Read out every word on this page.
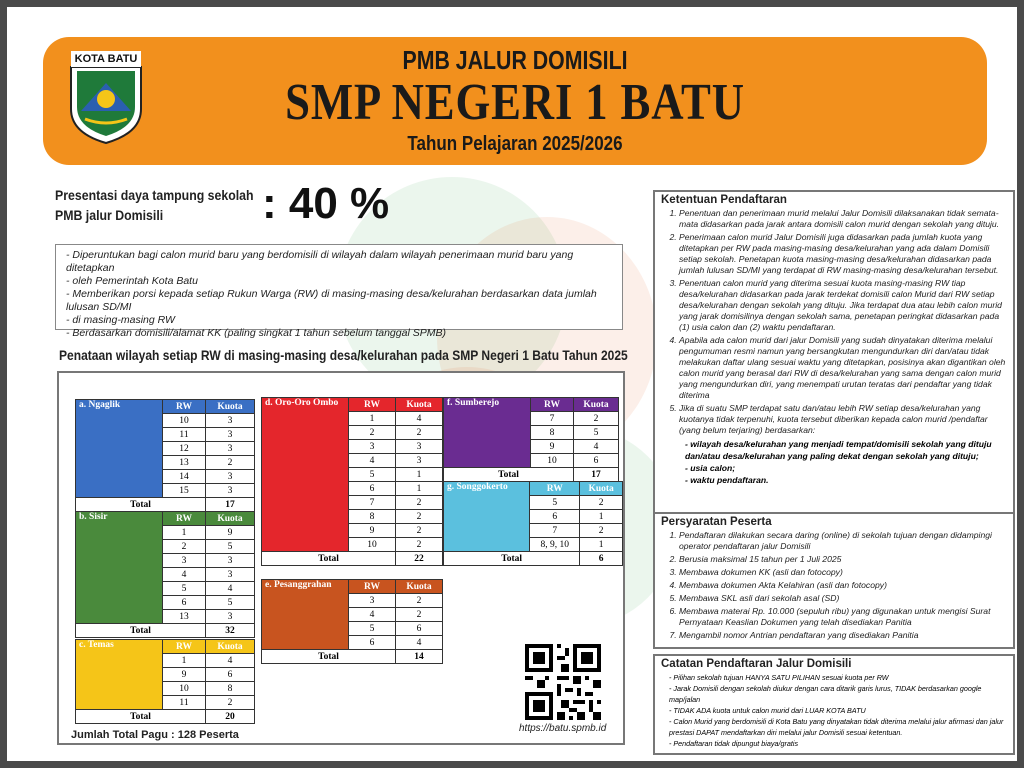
KOTA BATU	PMB JALUR DOMISILI
SMP NEGERI 1 BATU
Tahun Pelajaran 2025/2026
Presentasi daya tampung sekolah
PMB jalur Domisili	: 40 %
- Diperuntukan bagi calon murid baru yang berdomisili di wilayah dalam wilayah penerimaan murid baru yang ditetapkan
- oleh Pemerintah Kota Batu
- Memberikan porsi kepada setiap Rukun Warga (RW) di masing-masing desa/kelurahan berdasarkan data jumlah lulusan SD/MI
- di masing-masing RW
- Berdasarkan domisili/alamat KK (paling singkat 1 tahun sebelum tanggal SPMB)
Penataan wilayah setiap RW di masing-masing desa/kelurahan pada SMP Negeri 1 Batu Tahun 2025
a. Ngaglik	RW	Kuota
	10	3
	11	3
	12	3
	13	2
	14	3
	15	3
Total		17
b. Sisir	RW	Kuota
	1	9
	2	5
	3	3
	4	3
	5	4
	6	5
	13	3
Total		32
c. Temas	RW	Kuota
	1	4
	9	6
	10	8
	11	2
Total		20
d. Oro-Oro Ombo	RW	Kuota
	1	4
	2	2
	3	3
	4	3
	5	1
	6	1
	7	2
	8	2
	9	2
	10	2
Total		22
e. Pesanggrahan	RW	Kuota
	3	2
	4	2
	5	6
	6	4
Total		14
f. Sumberejo	RW	Kuota
	7	2
	8	5
	9	4
	10	6
Total		17
g. Songgokerto	RW	Kuota
	5	2
	6	1
	7	2
	8, 9, 10	1
Total		6
Jumlah Total Pagu : 128 Peserta
https://batu.spmb.id
Ketentuan Pendaftaran
1. Penentuan dan penerimaan murid melalui Jalur Domisili dilaksanakan tidak semata-mata didasarkan pada jarak antara domisili calon murid dengan sekolah yang dituju.
2. Penerimaan calon murid Jalur Domisili juga didasarkan pada jumlah kuota yang ditetapkan per RW pada masing-masing desa/kelurahan yang ada dalam Domisili setiap sekolah. Penetapan kuota masing-masing desa/kelurahan didasarkan pada jumlah lulusan SD/MI yang terdapat di RW masing-masing desa/kelurahan tersebut.
3. Penentuan calon murid yang diterima sesuai kuota masing-masing RW tiap desa/kelurahan didasarkan pada jarak terdekat domisili calon Murid dari RW setiap desa/kelurahan dengan sekolah yang dituju. Jika terdapat dua atau lebih calon murid yang jarak domisilinya dengan sekolah sama, penetapan peringkat didasarkan pada (1) usia calon dan (2) waktu pendaftaran.
4. Apabila ada calon murid dari jalur Domisili yang sudah dinyatakan diterima melalui pengumuman resmi namun yang bersangkutan mengundurkan diri dan/atau tidak melakukan daftar ulang sesuai waktu yang ditetapkan, posisinya akan digantikan oleh calon murid yang berasal dari RW di desa/kelurahan yang sama dengan calon murid yang mengundurkan diri, yang menempati urutan teratas dari pendaftar yang tidak diterima
5. Jika di suatu SMP terdapat satu dan/atau lebih RW setiap desa/kelurahan yang kuotanya tidak terpenuhi, kuota tersebut diberikan kepada calon murid /pendaftar (yang belum terjaring) berdasarkan:
- wilayah desa/kelurahan yang menjadi tempat/domisili sekolah yang dituju dan/atau desa/kelurahan yang paling dekat dengan sekolah yang dituju;
- usia calon;
- waktu pendaftaran.
Persyaratan Peserta
1. Pendaftaran dilakukan secara daring (online) di sekolah tujuan dengan didampingi operator pendaftaran jalur Domisili
2. Berusia maksimal 15 tahun per 1 Juli 2025
3. Membawa dokumen KK (asli dan fotocopy)
4. Membawa dokumen Akta Kelahiran (asli dan fotocopy)
5. Membawa SKL asli dari sekolah asal (SD)
6. Membawa materai Rp. 10.000 (sepuluh ribu) yang digunakan untuk mengisi Surat Pernyataan Keaslian Dokumen yang telah disediakan Panitia
7. Mengambil nomor Antrian pendaftaran yang disediakan Panitia
Catatan Pendaftaran Jalur Domisili
- Pilihan sekolah tujuan HANYA SATU PILIHAN sesuai kuota per RW
- Jarak Domisili dengan sekolah diukur dengan cara ditarik garis lurus, TIDAK berdasarkan google map/jalan
- TIDAK ADA kuota untuk calon murid dari LUAR KOTA BATU
- Calon Murid yang berdomisili di Kota Batu yang dinyatakan tidak diterima melalui jalur afirmasi dan jalur prestasi DAPAT mendaftarkan diri melalui jalur Domisili sesuai ketentuan.
- Pendaftaran tidak dipungut biaya/gratis
